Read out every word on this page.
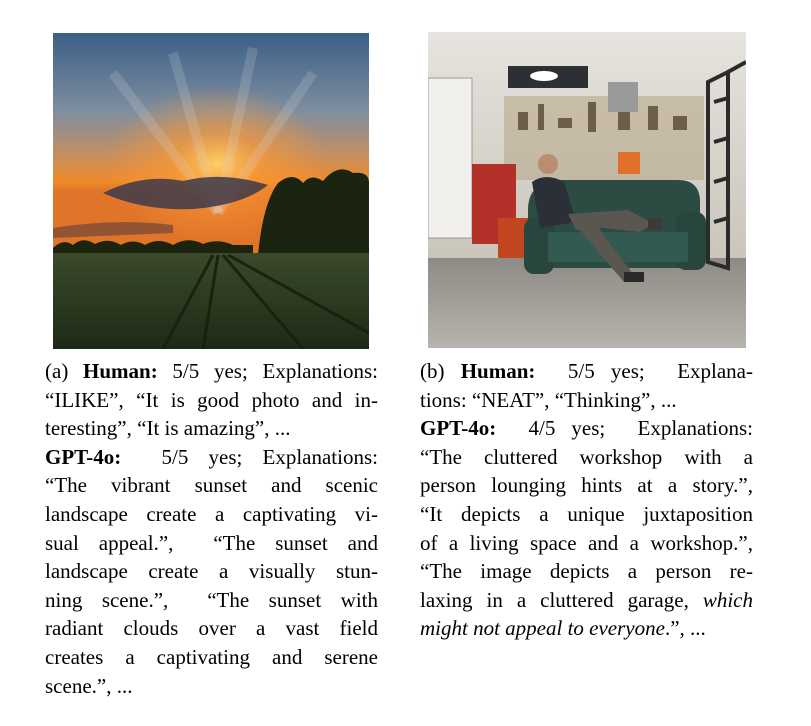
(a) Human: 5/5 yes; Explanations:
“ILIKE”, “It is good photo and in-
teresting”, “It is amazing”, ...
GPT-4o:  5/5 yes; Explanations:
“The vibrant sunset and scenic
landscape create a captivating vi-
sual appeal.”,  “The sunset and
landscape create a visually stun-
ning scene.”,  “The sunset with
radiant clouds over a vast field
creates a captivating and serene
scene.”, ...
(b) Human:  5/5 yes;  Explana-
tions: “NEAT”, “Thinking”, ...
GPT-4o:  4/5 yes;  Explanations:
“The cluttered workshop with a
person lounging hints at a story.”,
“It depicts a unique juxtaposition
of a living space and a workshop.”,
“The image depicts a person re-
laxing in a cluttered garage, which
might not appeal to everyone.”, ...
